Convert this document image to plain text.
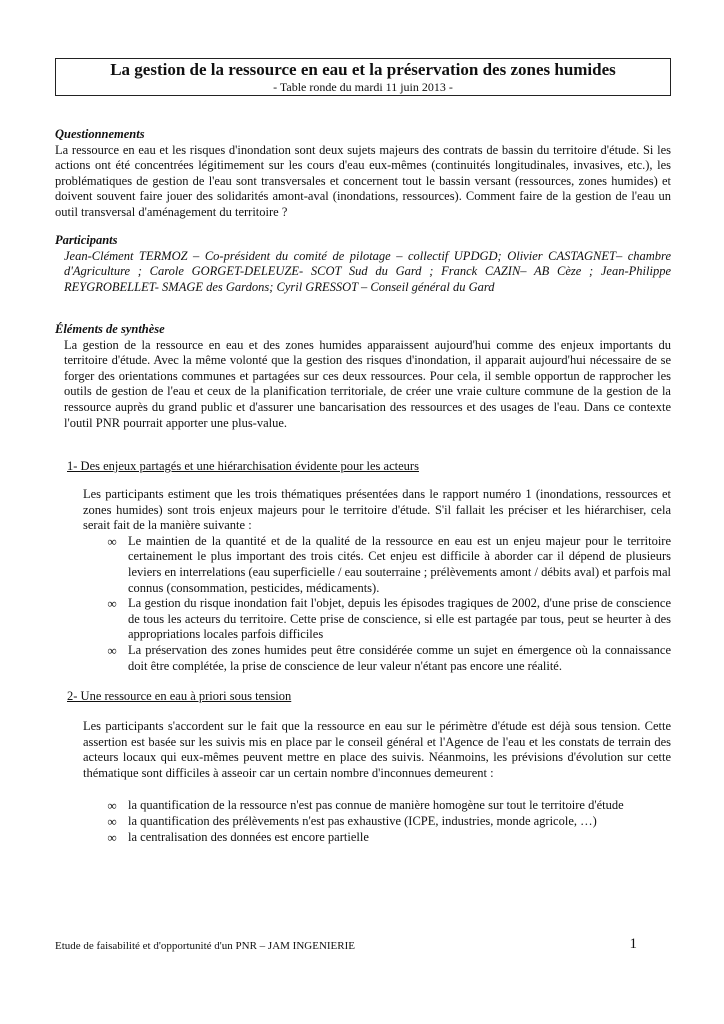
La gestion de la ressource en eau et la préservation des zones humides
- Table ronde du mardi 11 juin 2013 -
Questionnements

La ressource en eau et les risques d'inondation sont deux sujets majeurs des contrats de bassin du territoire d'étude. Si les actions ont été concentrées légitimement sur les cours d'eau eux-mêmes (continuités longitudinales, invasives, etc.), les problématiques de gestion de l'eau sont transversales et concernent tout le bassin versant (ressources, zones humides) et doivent souvent faire jouer des solidarités amont-aval (inondations, ressources). Comment faire de la gestion de l'eau un outil transversal d'aménagement du territoire ?

Participants

Jean-Clément TERMOZ – Co-président du comité de pilotage – collectif UPDGD; Olivier CASTAGNET– chambre d'Agriculture ; Carole GORGET-DELEUZE- SCOT Sud du Gard ; Franck CAZIN– AB Cèze ; Jean-Philippe REYGROBELLET- SMAGE des Gardons; Cyril GRESSOT – Conseil général du Gard

Éléments de synthèse

La gestion de la ressource en eau et des zones humides apparaissent aujourd'hui comme des enjeux importants du territoire d'étude. Avec la même volonté que la gestion des risques d'inondation, il apparait aujourd'hui nécessaire de se forger des orientations communes et partagées sur ces deux ressources. Pour cela, il semble opportun de rapprocher les outils de gestion de l'eau et ceux de la planification territoriale, de créer une vraie culture commune de la gestion de la ressource auprès du grand public et d'assurer une bancarisation des ressources et des usages de l'eau. Dans ce contexte l'outil PNR pourrait apporter une plus-value.

1- Des enjeux partagés et une hiérarchisation évidente pour les acteurs

Les participants estiment que les trois thématiques présentées dans le rapport numéro 1 (inondations, ressources et zones humides) sont trois enjeux majeurs pour le territoire d'étude. S'il fallait les préciser et les hiérarchiser, cela serait fait de la manière suivante :

∞ Le maintien de la quantité et de la qualité de la ressource en eau est un enjeu majeur pour le territoire certainement le plus important des trois cités. Cet enjeu est difficile à aborder car il dépend de plusieurs leviers en interrelations (eau superficielle / eau souterraine ; prélèvements amont / débits aval) et parfois mal connus (consommation, pesticides, médicaments).
∞ La gestion du risque inondation fait l'objet, depuis les épisodes tragiques de 2002, d'une prise de conscience de tous les acteurs du territoire. Cette prise de conscience, si elle est partagée par tous, peut se heurter à des appropriations locales parfois difficiles
∞ La préservation des zones humides peut être considérée comme un sujet en émergence où la connaissance doit être complétée, la prise de conscience de leur valeur n'étant pas encore une réalité.
2- Une ressource en eau à priori sous tension

Les participants s'accordent sur le fait que la ressource en eau sur le périmètre d'étude est déjà sous tension. Cette assertion est basée sur les suivis mis en place par le conseil général et l'Agence de l'eau et les constats de terrain des acteurs locaux qui eux-mêmes peuvent mettre en place des suivis. Néanmoins, les prévisions d'évolution sur cette thématique sont difficiles à asseoir car un certain nombre d'inconnues demeurent :

∞ la quantification de la ressource n'est pas connue de manière homogène sur tout le territoire d'étude
∞ la quantification des prélèvements n'est pas exhaustive (ICPE, industries, monde agricole, …)
∞ la centralisation des données est encore partielle
Etude de faisabilité et d'opportunité d'un PNR – JAM INGENIERIE	1
